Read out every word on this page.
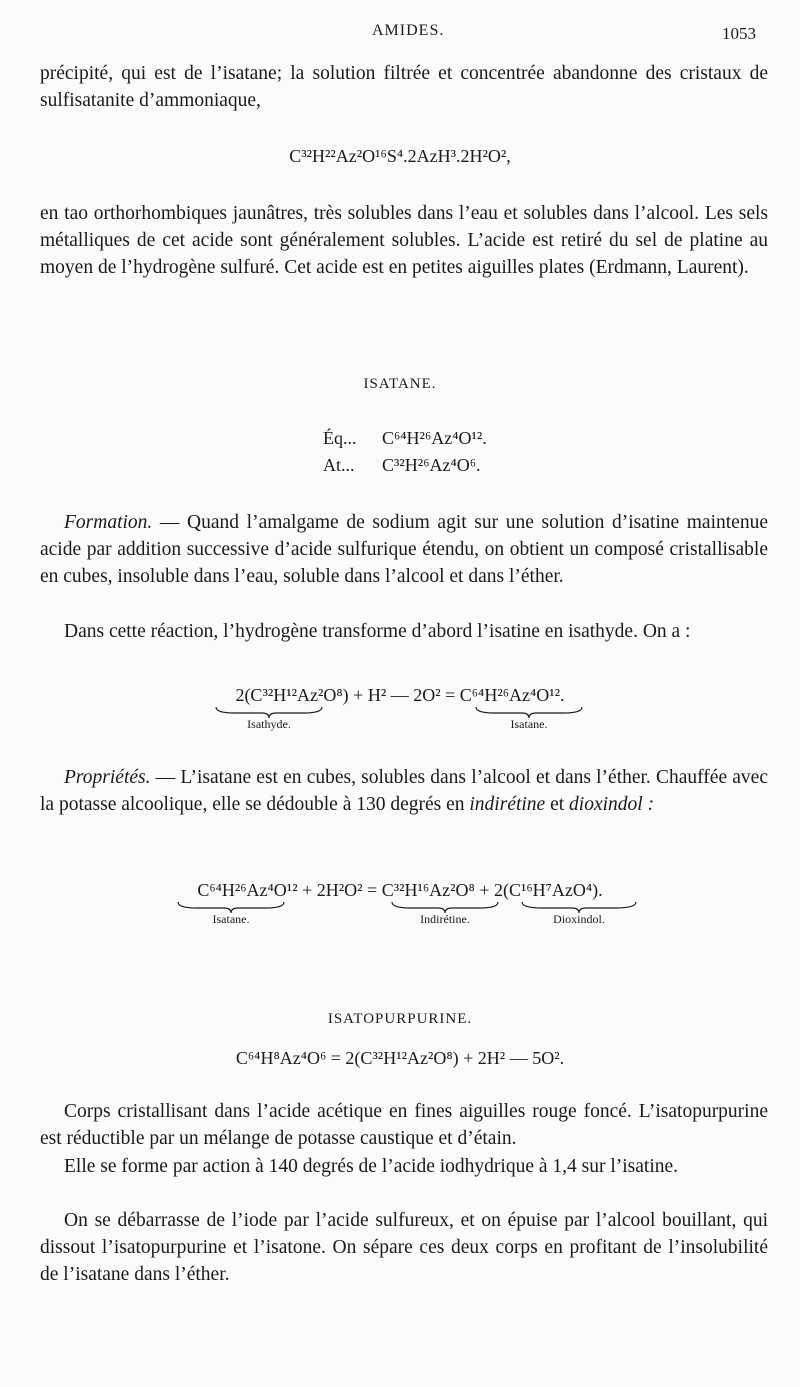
AMIDES.	1053

précipité, qui est de l’isatane; la solution filtrée et concentrée abandonne des cristaux de sulfisatanite d’ammoniaque,

C³²H²²Az²O¹⁶S⁴.2AzH³.2H²O²,

en tao orthorhombiques jaunâtres, très solubles dans l’eau et solubles dans l’alcool. Les sels métalliques de cet acide sont généralement solubles. L’acide est retiré du sel de platine au moyen de l’hydrogène sulfuré. Cet acide est en petites aiguilles plates (Erdmann, Laurent).

ISATANE.

Éq... C⁶⁴H²⁶Az⁴O¹².
At... C³²H²⁶Az⁴O⁶.

Formation. — Quand l’amalgame de sodium agit sur une solution d’isatine maintenue acide par addition successive d’acide sulfurique étendu, on obtient un composé cristallisable en cubes, insoluble dans l’eau, soluble dans l’alcool et dans l’éther.

Dans cette réaction, l’hydrogène transforme d’abord l’isatine en isathyde. On a :

2(C³²H¹²Az²O⁸) + H² — 2O² = C⁶⁴H²⁶Az⁴O¹².

Isathyde.	Isatane.

Propriétés. — L’isatane est en cubes, solubles dans l’alcool et dans l’éther. Chauffée avec la potasse alcoolique, elle se dédouble à 130 degrés en indirétine et dioxindol :

C⁶⁴H²⁶Az⁴O¹² + 2H²O² = C³²H¹⁶Az²O⁸ + 2(C¹⁶H⁷AzO⁴).

Isatane.	Indirétine.	Dioxindol.

ISATOPURPURINE.

C⁶⁴H⁸Az⁴O⁶ = 2(C³²H¹²Az²O⁸) + 2H² — 5O².

Corps cristallisant dans l’acide acétique en fines aiguilles rouge foncé. L’isatopurpurine est réductible par un mélange de potasse caustique et d’étain.

Elle se forme par action à 140 degrés de l’acide iodhydrique à 1,4 sur l’isatine.

On se débarrasse de l’iode par l’acide sulfureux, et on épuise par l’alcool bouillant, qui dissout l’isatopurpurine et l’isatone. On sépare ces deux corps en profitant de l’insolubilité de l’isatane dans l’éther.
